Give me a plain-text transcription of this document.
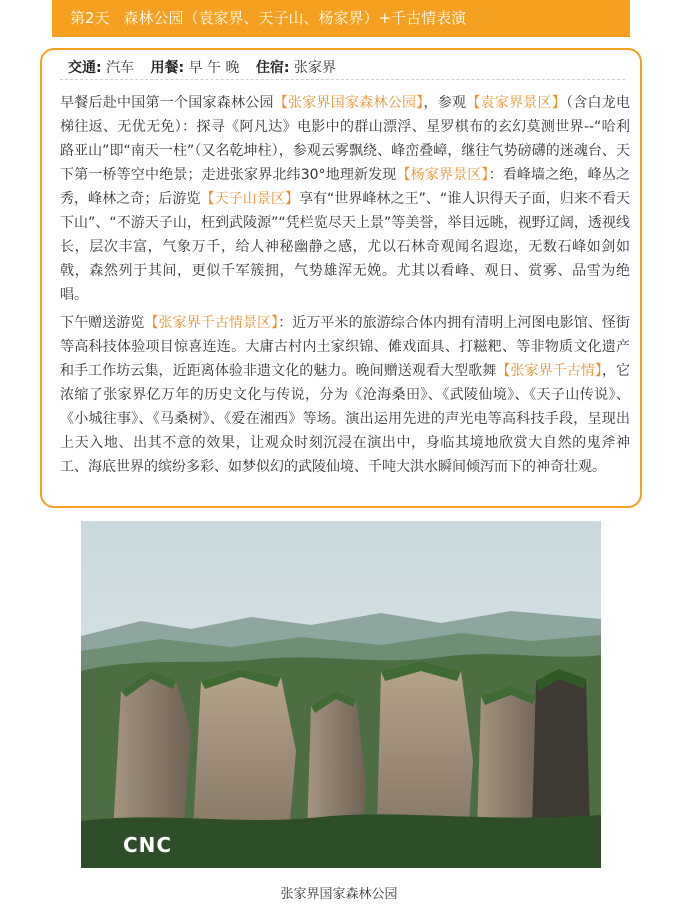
第2天 森林公园（袁家界、天子山、杨家界）+千古情表演
交通: 汽车 用餐: 早 午 晚 住宿: 张家界

早餐后赴中国第一个国家森林公园【张家界国家森林公园】，参观【袁家界景区】（含白龙电梯往返、无优无免）：探寻《阿凡达》电影中的群山漂浮、星罗棋布的玄幻莫测世界--“哈利路亚山”即“南天一柱”（又名乾坤柱），参观云雾飘绕、峰峦叠嶂，继往气势磅礴的迷魂台、天下第一桥等空中绝景；走进张家界北纬30°地理新发现【杨家界景区】：看峰墙之绝，峰丛之秀，峰林之奇；后游览【天子山景区】享有“世界峰林之王”、“谁人识得天子面，归来不看天下山”、“不游天子山，枉到武陵源”“凭栏览尽天上景”等美誉，举目远眺，视野辽阔，透视线长，层次丰富，气象万千，给人神秘幽静之感，尤以石林奇观闻名遐迩，无数石峰如剑如戟，森然列于其间，更似千军簇拥，气势雄浑无娩。尤其以看峰、观日、赏雾、品雪为绝唱。

下午赠送游览【张家界千古情景区】：近万平米的旅游综合体内拥有清明上河图电影馆、怪街等高科技体验项目惊喜连连。大庸古村内土家织锦、傩戏面具、打糍粑、等非物质文化遗产和手工作坊云集，近距离体验非遗文化的魅力。晚间赠送观看大型歌舞【张家界千古情】，它浓缩了张家界亿万年的历史文化与传说，分为《沧海桑田》、《武陵仙境》、《天子山传说》、《小城往事》、《马桑树》、《爱在湘西》等场。演出运用先进的声光电等高科技手段，呈现出上天入地、出其不意的效果，让观众时刻沉浸在演出中，身临其境地欣赏大自然的鬼斧神工、海底世界的缤纷多彩、如梦似幻的武陵仙境、千吨大洪水瞬间倾泻而下的神奇壮观。

CNC
张家界国家森林公园
